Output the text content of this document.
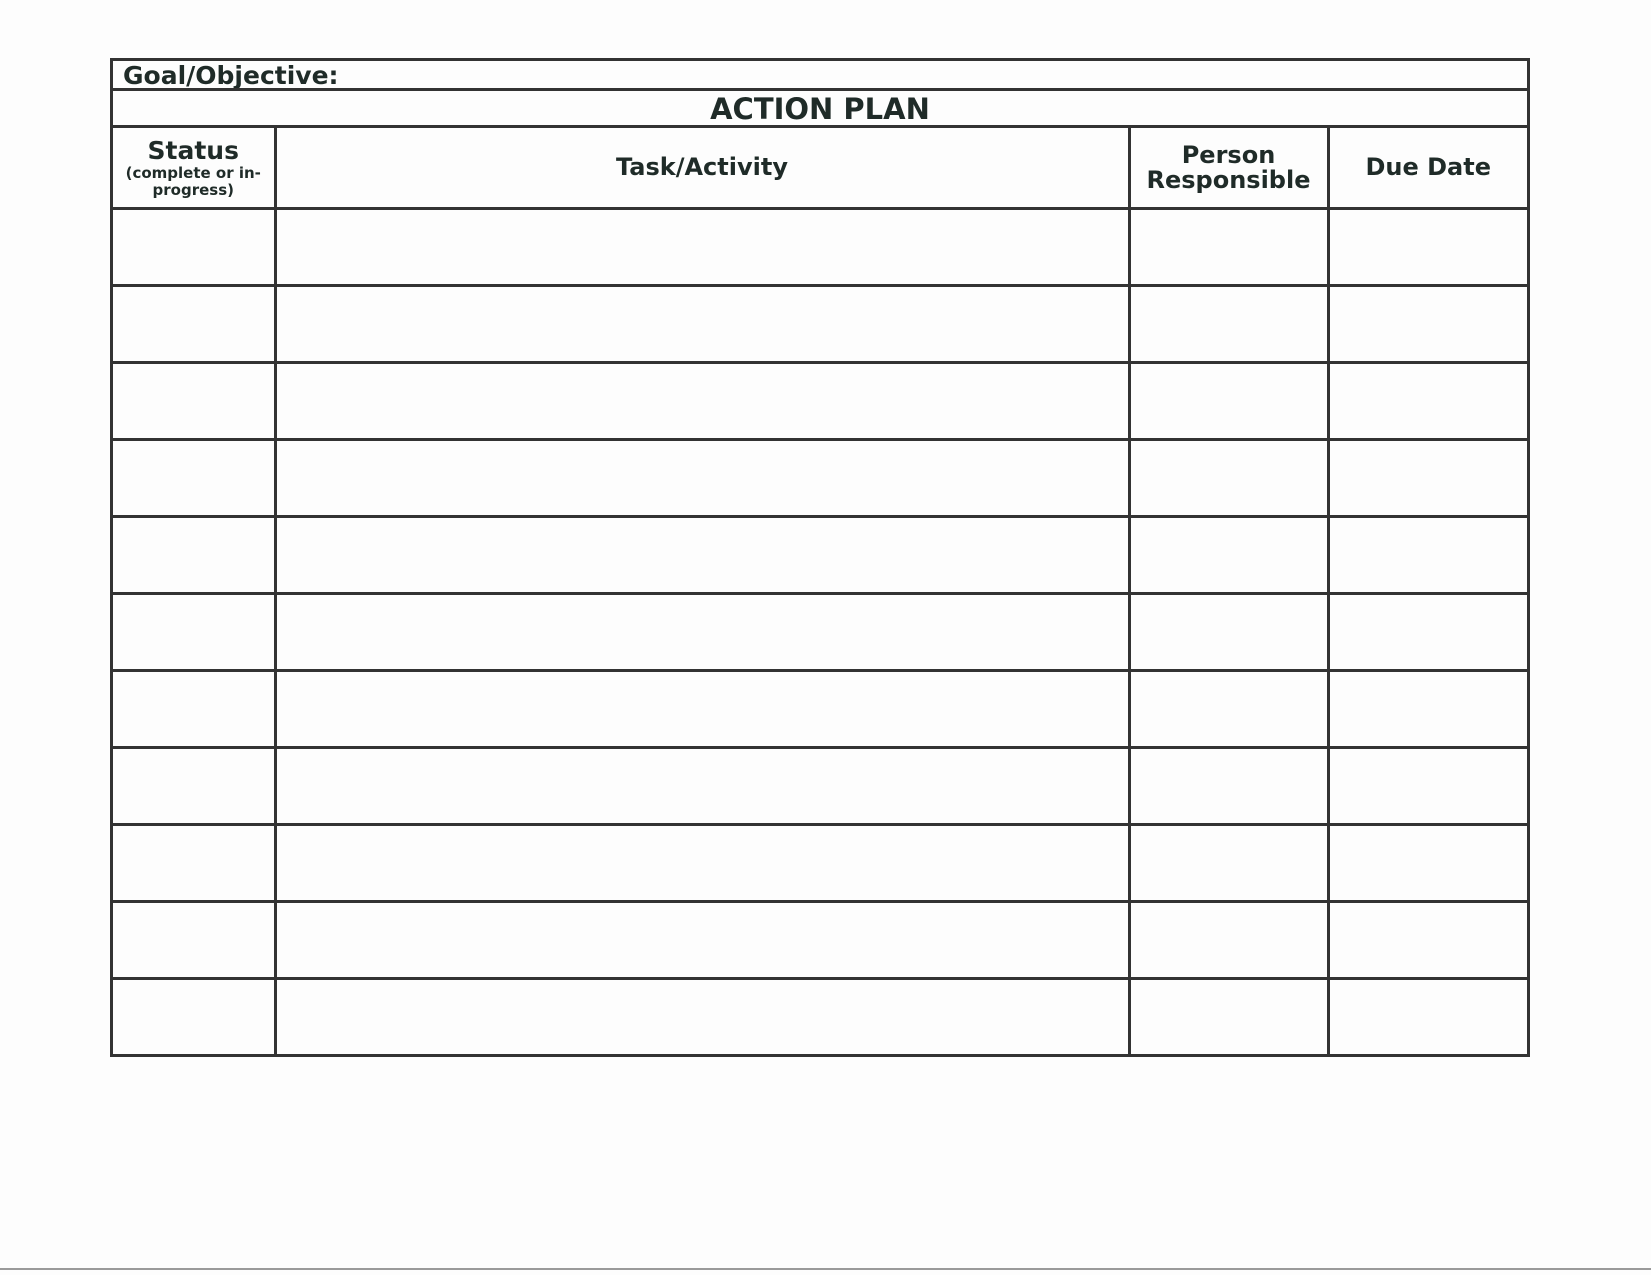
Goal/Objective:
ACTION PLAN
Status
(complete or in-progress)	Task/Activity	Person Responsible	Due Date
